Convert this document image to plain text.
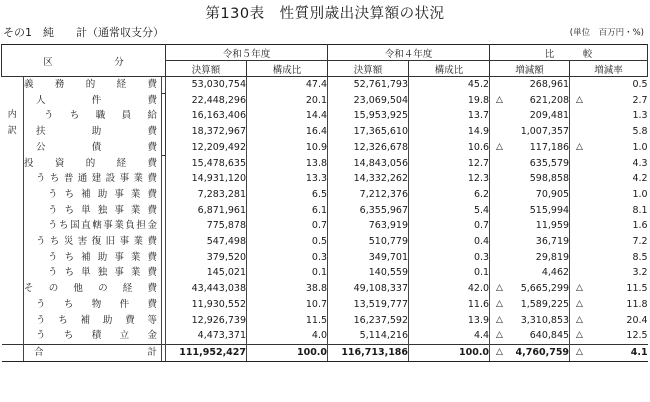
第130表　性質別歳出決算額の状況
その1　純　　計（通常収支分）	(単位　百万円・%)
区　分			令和５年度		令和４年度		比　　　較	
			決算額	構成比	決算額	構成比	増減額	増減率
	義務的経費		53,030,754	47.4	52,761,793	45.2	268,961	0.5
	人件費		22,448,296	20.1	23,069,504	19.8	△ 621,208	△ 2.7
内	うち職員給		16,163,406	14.4	15,953,925	13.7	209,481	1.3
訳	扶助費		18,372,967	16.4	17,365,610	14.9	1,007,357	5.8
	公債費		12,209,492	10.9	12,326,678	10.6	△ 117,186	△ 1.0
	投資的経費		15,478,635	13.8	14,843,056	12.7	635,579	4.3
	うち普通建設事業費		14,931,120	13.3	14,332,262	12.3	598,858	4.2
	うち補助事業費		7,283,281	6.5	7,212,376	6.2	70,905	1.0
	うち単独事業費		6,871,961	6.1	6,355,967	5.4	515,994	8.1
	うち国直轄事業負担金		775,878	0.7	763,919	0.7	11,959	1.6
	うち災害復旧事業費		547,498	0.5	510,779	0.4	36,719	7.2
	うち補助事業費		379,520	0.3	349,701	0.3	29,819	8.5
	うち単独事業費		145,021	0.1	140,559	0.1	4,462	3.2
	その他の経費		43,443,038	38.8	49,108,337	42.0	△ 5,665,299	△ 11.5
	うち物件費		11,930,552	10.7	13,519,777	11.6	△ 1,589,225	△ 11.8
	うち補助費等		12,926,739	11.5	16,237,592	13.9	△ 3,310,853	△ 20.4
	うち積立金		4,473,371	4.0	5,114,216	4.4	△ 640,845	△ 12.5
	合計		111,952,427	100.0	116,713,186	100.0	△ 4,760,759	△ 4.1
